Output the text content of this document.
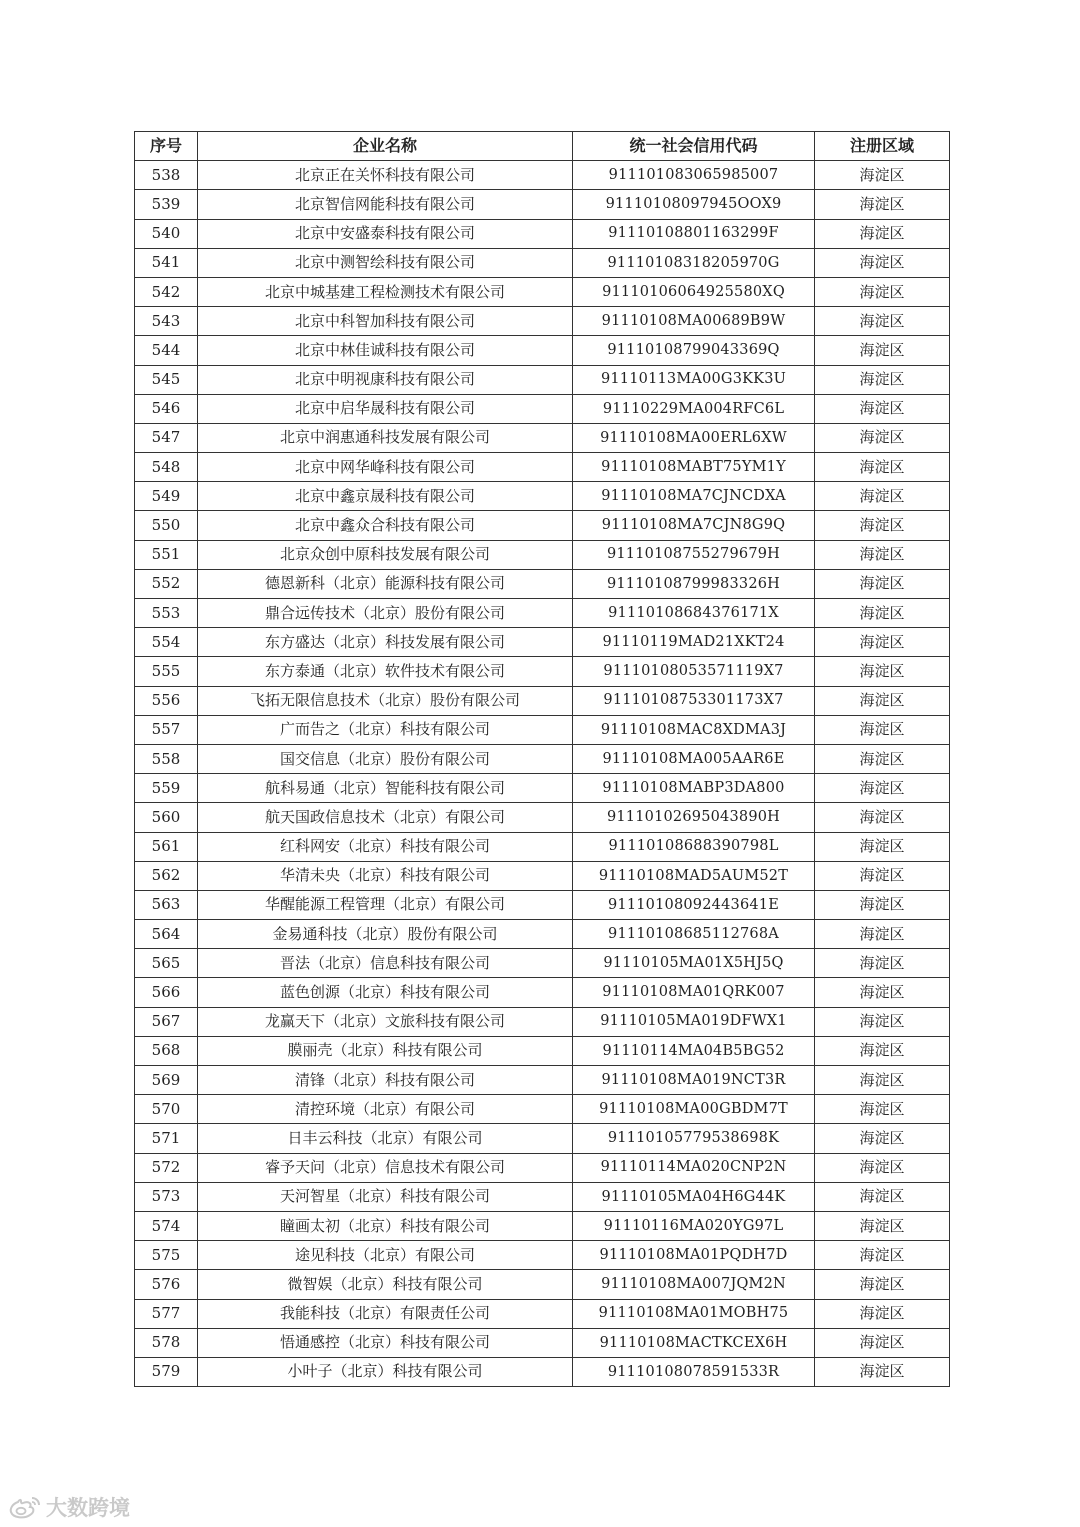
序号	企业名称	统一社会信用代码	注册区域
538	北京正在关怀科技有限公司	911101083065985007	海淀区
539	北京智信网能科技有限公司	91110108097945OOX9	海淀区
540	北京中安盛泰科技有限公司	91110108801163299F	海淀区
541	北京中测智绘科技有限公司	91110108318205970G	海淀区
542	北京中城基建工程检测技术有限公司	91110106064925580XQ	海淀区
543	北京中科智加科技有限公司	91110108MA00689B9W	海淀区
544	北京中林佳诚科技有限公司	91110108799043369Q	海淀区
545	北京中明视康科技有限公司	91110113MA00G3KK3U	海淀区
546	北京中启华晟科技有限公司	91110229MA004RFC6L	海淀区
547	北京中润惠通科技发展有限公司	91110108MA00ERL6XW	海淀区
548	北京中网华峰科技有限公司	91110108MABT75YM1Y	海淀区
549	北京中鑫京晟科技有限公司	91110108MA7CJNCDXA	海淀区
550	北京中鑫众合科技有限公司	91110108MA7CJN8G9Q	海淀区
551	北京众创中原科技发展有限公司	91110108755279679H	海淀区
552	德恩新科（北京）能源科技有限公司	91110108799983326H	海淀区
553	鼎合远传技术（北京）股份有限公司	91110108684376171X	海淀区
554	东方盛达（北京）科技发展有限公司	91110119MAD21XKT24	海淀区
555	东方泰通（北京）软件技术有限公司	91110108053571119X7	海淀区
556	飞拓无限信息技术（北京）股份有限公司	91110108753301173X7	海淀区
557	广而告之（北京）科技有限公司	91110108MAC8XDMA3J	海淀区
558	国交信息（北京）股份有限公司	91110108MA005AAR6E	海淀区
559	航科易通（北京）智能科技有限公司	91110108MABP3DA800	海淀区
560	航天国政信息技术（北京）有限公司	91110102695043890H	海淀区
561	红科网安（北京）科技有限公司	91110108688390798L	海淀区
562	华清未央（北京）科技有限公司	91110108MAD5AUM52T	海淀区
563	华醒能源工程管理（北京）有限公司	91110108092443641E	海淀区
564	金易通科技（北京）股份有限公司	91110108685112768A	海淀区
565	晋法（北京）信息科技有限公司	91110105MA01X5HJ5Q	海淀区
566	蓝色创源（北京）科技有限公司	91110108MA01QRK007	海淀区
567	龙赢天下（北京）文旅科技有限公司	91110105MA019DFWX1	海淀区
568	膜丽壳（北京）科技有限公司	91110114MA04B5BG52	海淀区
569	清锋（北京）科技有限公司	91110108MA019NCT3R	海淀区
570	清控环境（北京）有限公司	91110108MA00GBDM7T	海淀区
571	日丰云科技（北京）有限公司	91110105779538698K	海淀区
572	睿予天问（北京）信息技术有限公司	91110114MA020CNP2N	海淀区
573	天河智星（北京）科技有限公司	91110105MA04H6G44K	海淀区
574	瞳画太初（北京）科技有限公司	91110116MA020YG97L	海淀区
575	途见科技（北京）有限公司	91110108MA01PQDH7D	海淀区
576	微智娱（北京）科技有限公司	91110108MA007JQM2N	海淀区
577	我能科技（北京）有限责任公司	91110108MA01MOBH75	海淀区
578	悟通感控（北京）科技有限公司	91110108MACTKCEX6H	海淀区
579	小叶子（北京）科技有限公司	91110108078591533R	海淀区
大数跨境
